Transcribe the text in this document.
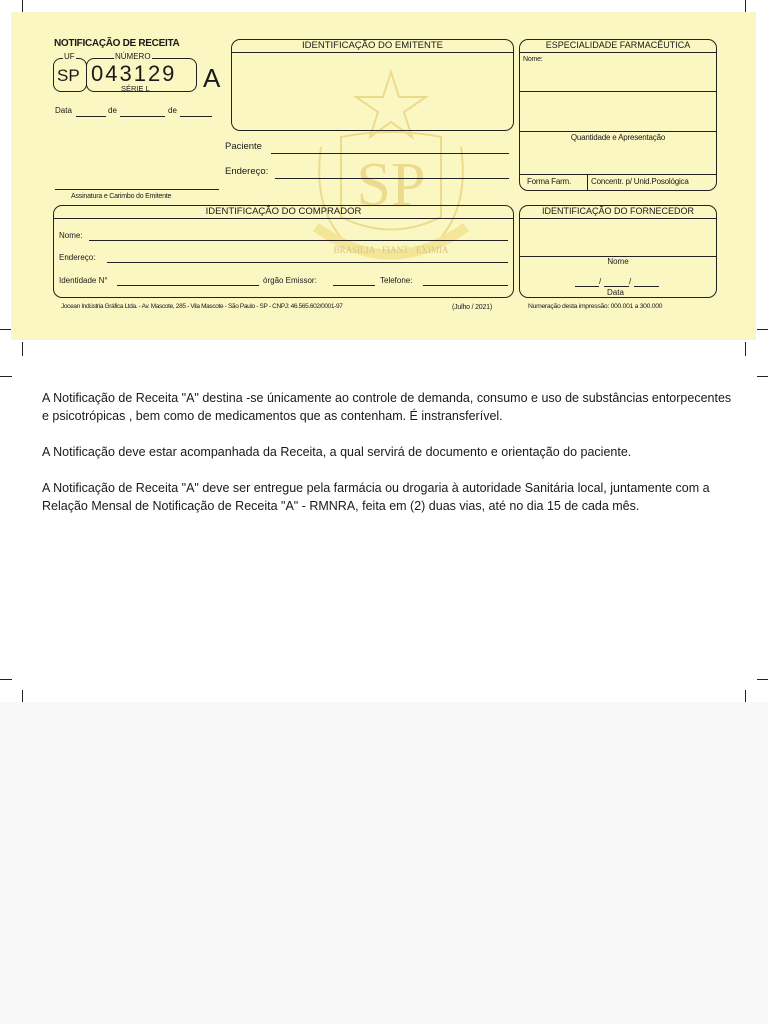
SP
BRASILIA · FIANT · EXIMIA
NOTIFICAÇÃO DE RECEITA
UF	NÚMERO
SP 043129
SÉRIE L A
Data	de	de
IDENTIFICAÇÃO DO EMITENTE
Paciente
Endereço:
Assinatura e Carimbo do Emitente
ESPECIALIDADE FARMACÊUTICA
Nome:
Quantidade e Apresentação
Forma Farm. Concentr. p/ Unid.Posológica
IDENTIFICAÇÃO DO COMPRADOR
Nome:
Endereço:
Identidade N°	órgão Emissor:	Telefone:
IDENTIFICAÇÃO DO FORNECEDOR
Nome
/	/
Data
Jocean Indústria Gráfica Ltda. - Av. Mascote, 285 - Vila Mascote - São Paulo - SP - CNPJ: 46.565.602/0001-97	(Julho / 2021)	Numeração desta impressão: 000.001 a 300.000

A Notificação de Receita "A" destina -se únicamente ao controle de demanda, consumo e uso de substâncias entorpecentes e psicotrópicas , bem como de medicamentos que as contenham. É instransferível.

A Notificação deve estar acompanhada da Receita, a qual servirá de documento e orientação do paciente.

A Notificação de Receita "A" deve ser entregue pela farmácia ou drogaria à autoridade Sanitária local, juntamente com a Relação Mensal de Notificação de Receita "A" - RMNRA, feita em (2) duas vias, até no dia 15 de cada mês.
